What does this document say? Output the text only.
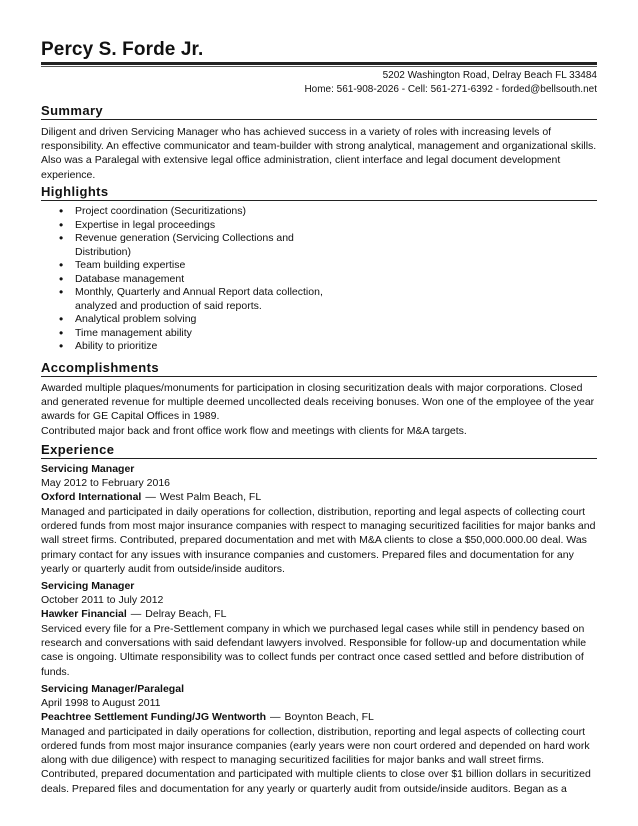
Percy S. Forde Jr.
5202 Washington Road, Delray Beach FL 33484
Home: 561-908-2026 - Cell: 561-271-6392 - forded@bellsouth.net
Summary
Diligent and driven Servicing Manager who has achieved success in a variety of roles with increasing levels of responsibility. An effective communicator and team-builder with strong analytical, management and organizational skills. Also was a Paralegal with extensive legal office administration, client interface and legal document development experience.
Highlights
• Project coordination (Securitizations)
• Expertise in legal proceedings
• Revenue generation (Servicing Collections and Distribution)
• Team building expertise
• Database management
• Monthly, Quarterly and Annual Report data collection, analyzed and production of said reports.
• Analytical problem solving
• Time management ability
• Ability to prioritize
Accomplishments
Awarded multiple plaques/monuments for participation in closing securitization deals with major corporations. Closed and generated revenue for multiple deemed uncollected deals receiving bonuses. Won one of the employee of the year awards for GE Capital Offices in 1989.
Contributed major back and front office work flow and meetings with clients for M&A targets.
Experience
Servicing Manager
May 2012 to February 2016
Oxford International — West Palm Beach, FL
Managed and participated in daily operations for collection, distribution, reporting and legal aspects of collecting court ordered funds from most major insurance companies with respect to managing securitized facilities for major banks and wall street firms. Contributed, prepared documentation and met with M&A clients to close a $50,000.000.00 deal. Was primary contact for any issues with insurance companies and customers. Prepared files and documentation for any yearly or quarterly audit from outside/inside auditors.
Servicing Manager
October 2011 to July 2012
Hawker Financial — Delray Beach, FL
Serviced every file for a Pre-Settlement company in which we purchased legal cases while still in pendency based on research and conversations with said defendant lawyers involved. Responsible for follow-up and documentation while case is ongoing. Ultimate responsibility was to collect funds per contract once cased settled and before distribution of funds.
Servicing Manager/Paralegal
April 1998 to August 2011
Peachtree Settlement Funding/JG Wentworth — Boynton Beach, FL
Managed and participated in daily operations for collection, distribution, reporting and legal aspects of collecting court ordered funds from most major insurance companies (early years were non court ordered and depended on hard work along with due diligence) with respect to managing securitized facilities for major banks and wall street firms. Contributed, prepared documentation and participated with multiple clients to close over $1 billion dollars in securitized deals. Prepared files and documentation for any yearly or quarterly audit from outside/inside auditors. Began as a
